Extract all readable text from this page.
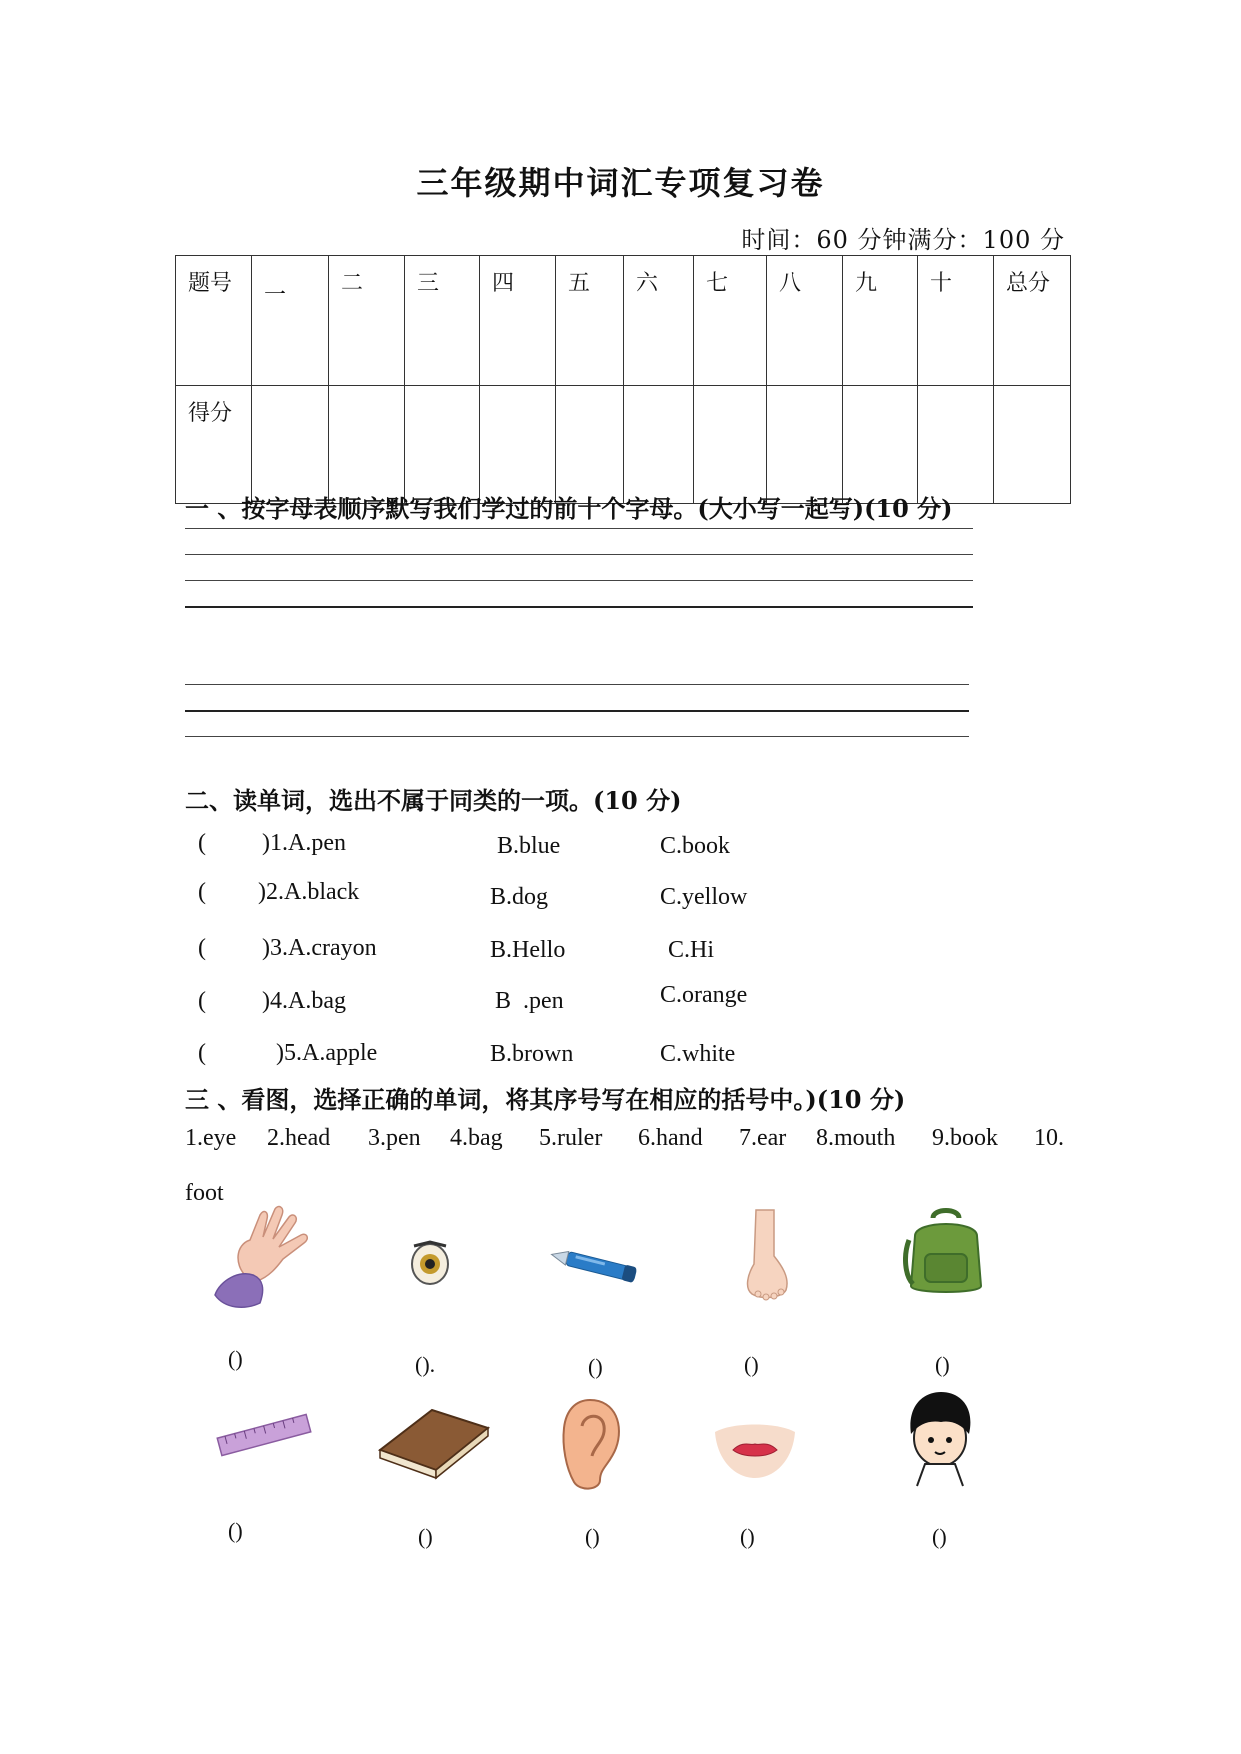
三年级期中词汇专项复习卷
时间：60 分钟满分：100 分
题号	一	二	三	四	五	六	七	八	九	十	总分
得分											
一 、按字母表顺序默写我们学过的前十个字母。(大小写一起写)(10 分)
二、读单词，选出不属于同类的一项。(10 分)
( )1.A.pen	B.blue	C.book
( )2.A.black	B.dog	C.yellow
( )3.A.crayon	B.Hello	C.Hi
( )4.A.bag	B  .pen	C.orange
(	)5.A.apple	B.brown	C.white
三 、看图，选择正确的单词，将其序号写在相应的括号中。)(10 分)
1.eye 2.head 3.pen 4.bag 5.ruler 6.hand 7.ear 8.mouth 9.book 10.
foot
()	().	()	()	()
()	()	()	()	()
